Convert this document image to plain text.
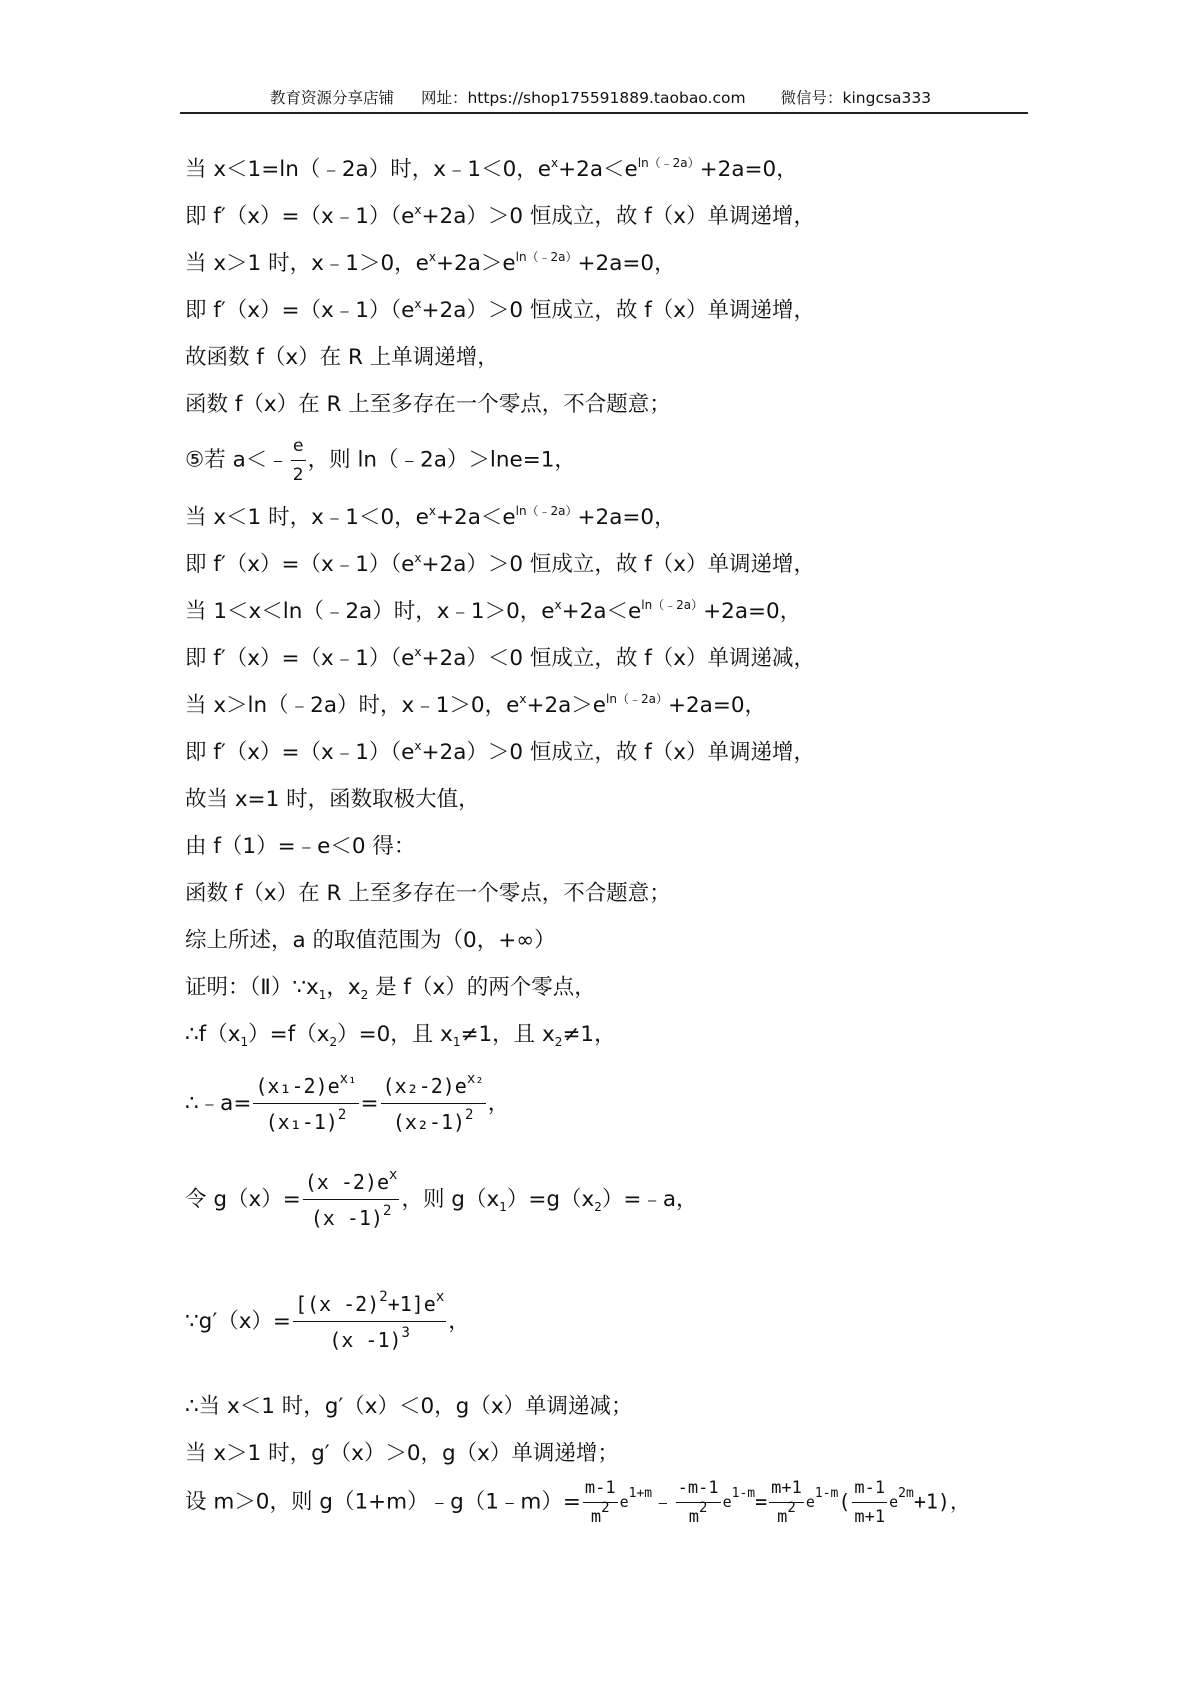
教育资源分享店铺 网址：https://shop175591889.taobao.com 微信号：kingcsa333
当 x＜1=ln（﹣2a）时，x﹣1＜0，$e^x+2a<e^{ln(﹣2a)}+2a=0$，
即 $f'(x)=(x﹣1)(e^x+2a)>0$ 恒成立，故 f（x）单调递增，
当 x＞1 时，x﹣1＞0，$e^x+2a>e^{ln(﹣2a)}+2a=0$，
即 $f'(x)=(x﹣1)(e^x+2a)>0$ 恒成立，故 f（x）单调递增，
故函数 f（x）在 R 上单调递增，
函数 f（x）在 R 上至多存在一个零点，不合题意；
⑤若 a＜﹣ $\frac{e}{2}$ ，则 ln（﹣2a）＞lne=1，
当 x＜1 时，x﹣1＜0，$e^x+2a<e^{ln(﹣2a)}+2a=0$，
即 $f'(x)=(x﹣1)(e^x+2a)>0$ 恒成立，故 f（x）单调递增，
当 1＜x＜ln（﹣2a）时，x﹣1＞0，$e^x+2a<e^{ln(﹣2a)}+2a=0$，
即 $f'(x)=(x﹣1)(e^x+2a)<0$ 恒成立，故 f（x）单调递减，
当 x＞ln（﹣2a）时，x﹣1＞0，$e^x+2a>e^{ln(﹣2a)}+2a=0$，
即 $f'(x)=(x﹣1)(e^x+2a)>0$ 恒成立，故 f（x）单调递增，
故当 x=1 时，函数取极大值，
由 f（1）=﹣e＜0 得：
函数 f（x）在 R 上至多存在一个零点，不合题意；
综上所述，a 的取值范围为（0，+∞）
证明：$(Ⅱ)\because x_1$，$x_2$ 是 f（x）的两个零点，
$\therefore f(x_1)=f(x_2)=0$，且 $x_1\ne 1$，且 $x_2\ne 1$，
∴﹣a= $\frac{(x_1-2)e^{x_1}}{(x_1-1)^2} = \frac{(x_2-2)e^{x_2}}{(x_2-1)^2}$ ，
令 $g(x)= \frac{(x -2)e^x}{(x -1)^2}$ ，则 $g(x_1)=g(x_2)=﹣a$，
∵g′（x）= $\frac{[(x -2)^2+1]e^x}{(x -1)^3}$ ，
∴当 x＜1 时，g′（x）＜0，g（x）单调递减；
当 x＞1 时，g′（x）＞0，g（x）单调递增；
设 m＞0，则 g（1+m）﹣g（1﹣m）= $\frac{m-1}{m^2}$ $e^{1+m}﹣ \frac{-m-1}{m^2} e^{1-m}= \frac{m+1}{m^2} e^{1-m}( \frac{m-1}{m+1} e^{2m}+1)$，
